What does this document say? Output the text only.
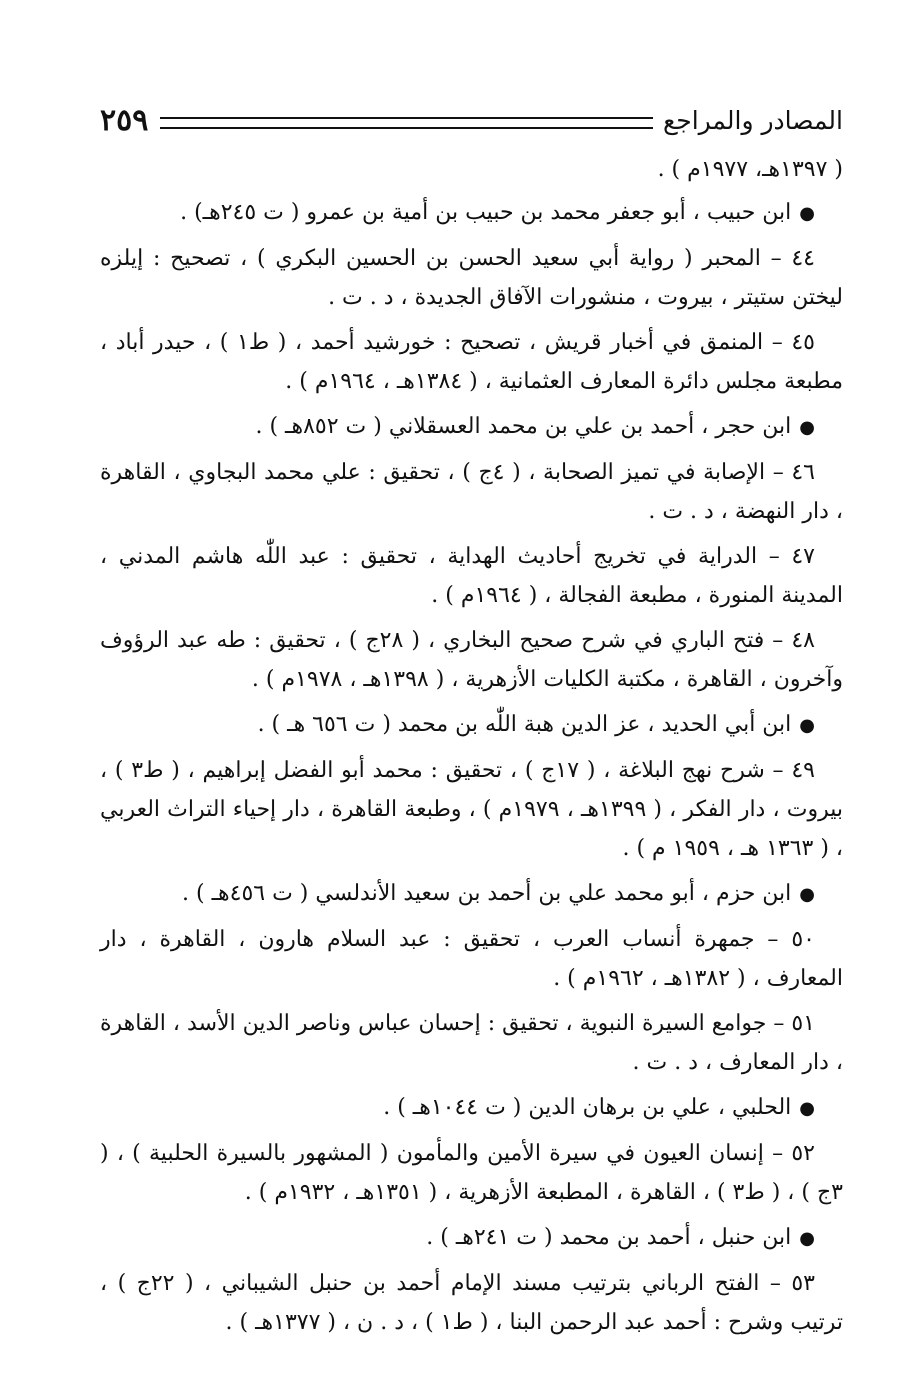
المصادر والمراجع
٢٥٩

( ١٣٩٧هـ، ١٩٧٧م ) .

●ابن حبيب ، أبو جعفر محمد بن حبيب بن أمية بن عمرو ( ت ٢٤٥هـ) .

٤٤ – المحبر ( رواية أبي سعيد الحسن بن الحسين البكري ) ، تصحيح : إيلزه ليختن ستيتر ، بيروت ، منشورات الآفاق الجديدة ، د . ت .

٤٥ – المنمق في أخبار قريش ، تصحيح : خورشيد أحمد ، ( ط١ ) ، حيدر أباد ، مطبعة مجلس دائرة المعارف العثمانية ، ( ١٣٨٤هـ ، ١٩٦٤م ) .

●ابن حجر ، أحمد بن علي بن محمد العسقلاني ( ت ٨٥٢هـ ) .

٤٦ – الإصابة في تميز الصحابة ، ( ٤ج ) ، تحقيق : علي محمد البجاوي ، القاهرة ، دار النهضة ، د . ت .

٤٧ – الدراية في تخريج أحاديث الهداية ، تحقيق : عبد اللّٰه هاشم المدني ، المدينة المنورة ، مطبعة الفجالة ، ( ١٩٦٤م ) .

٤٨ – فتح الباري في شرح صحيح البخاري ، ( ٢٨ج ) ، تحقيق : طه عبد الرؤوف وآخرون ، القاهرة ، مكتبة الكليات الأزهرية ، ( ١٣٩٨هـ ، ١٩٧٨م ) .

●ابن أبي الحديد ، عز الدين هبة اللّٰه بن محمد ( ت ٦٥٦ هـ ) .

٤٩ – شرح نهج البلاغة ، ( ١٧ج ) ، تحقيق : محمد أبو الفضل إبراهيم ، ( ط٣ ) ، بيروت ، دار الفكر ، ( ١٣٩٩هـ ، ١٩٧٩م ) ، وطبعة القاهرة ، دار إحياء التراث العربي ، ( ١٣٦٣ هـ ، ١٩٥٩ م ) .

●ابن حزم ، أبو محمد علي بن أحمد بن سعيد الأندلسي ( ت ٤٥٦هـ ) .

٥٠ – جمهرة أنساب العرب ، تحقيق : عبد السلام هارون ، القاهرة ، دار المعارف ، ( ١٣٨٢هـ ، ١٩٦٢م ) .

٥١ – جوامع السيرة النبوية ، تحقيق : إحسان عباس وناصر الدين الأسد ، القاهرة ، دار المعارف ، د . ت .

●الحلبي ، علي بن برهان الدين ( ت ١٠٤٤هـ ) .

٥٢ – إنسان العيون في سيرة الأمين والمأمون ( المشهور بالسيرة الحلبية ) ، ( ٣ج ) ، ( ط٣ ) ، القاهرة ، المطبعة الأزهرية ، ( ١٣٥١هـ ، ١٩٣٢م ) .

●ابن حنبل ، أحمد بن محمد ( ت ٢٤١هـ ) .

٥٣ – الفتح الرباني بترتيب مسند الإمام أحمد بن حنبل الشيباني ، ( ٢٢ج ) ، ترتيب وشرح : أحمد عبد الرحمن البنا ، ( ط١ ) ، د . ن ، ( ١٣٧٧هـ ) .
